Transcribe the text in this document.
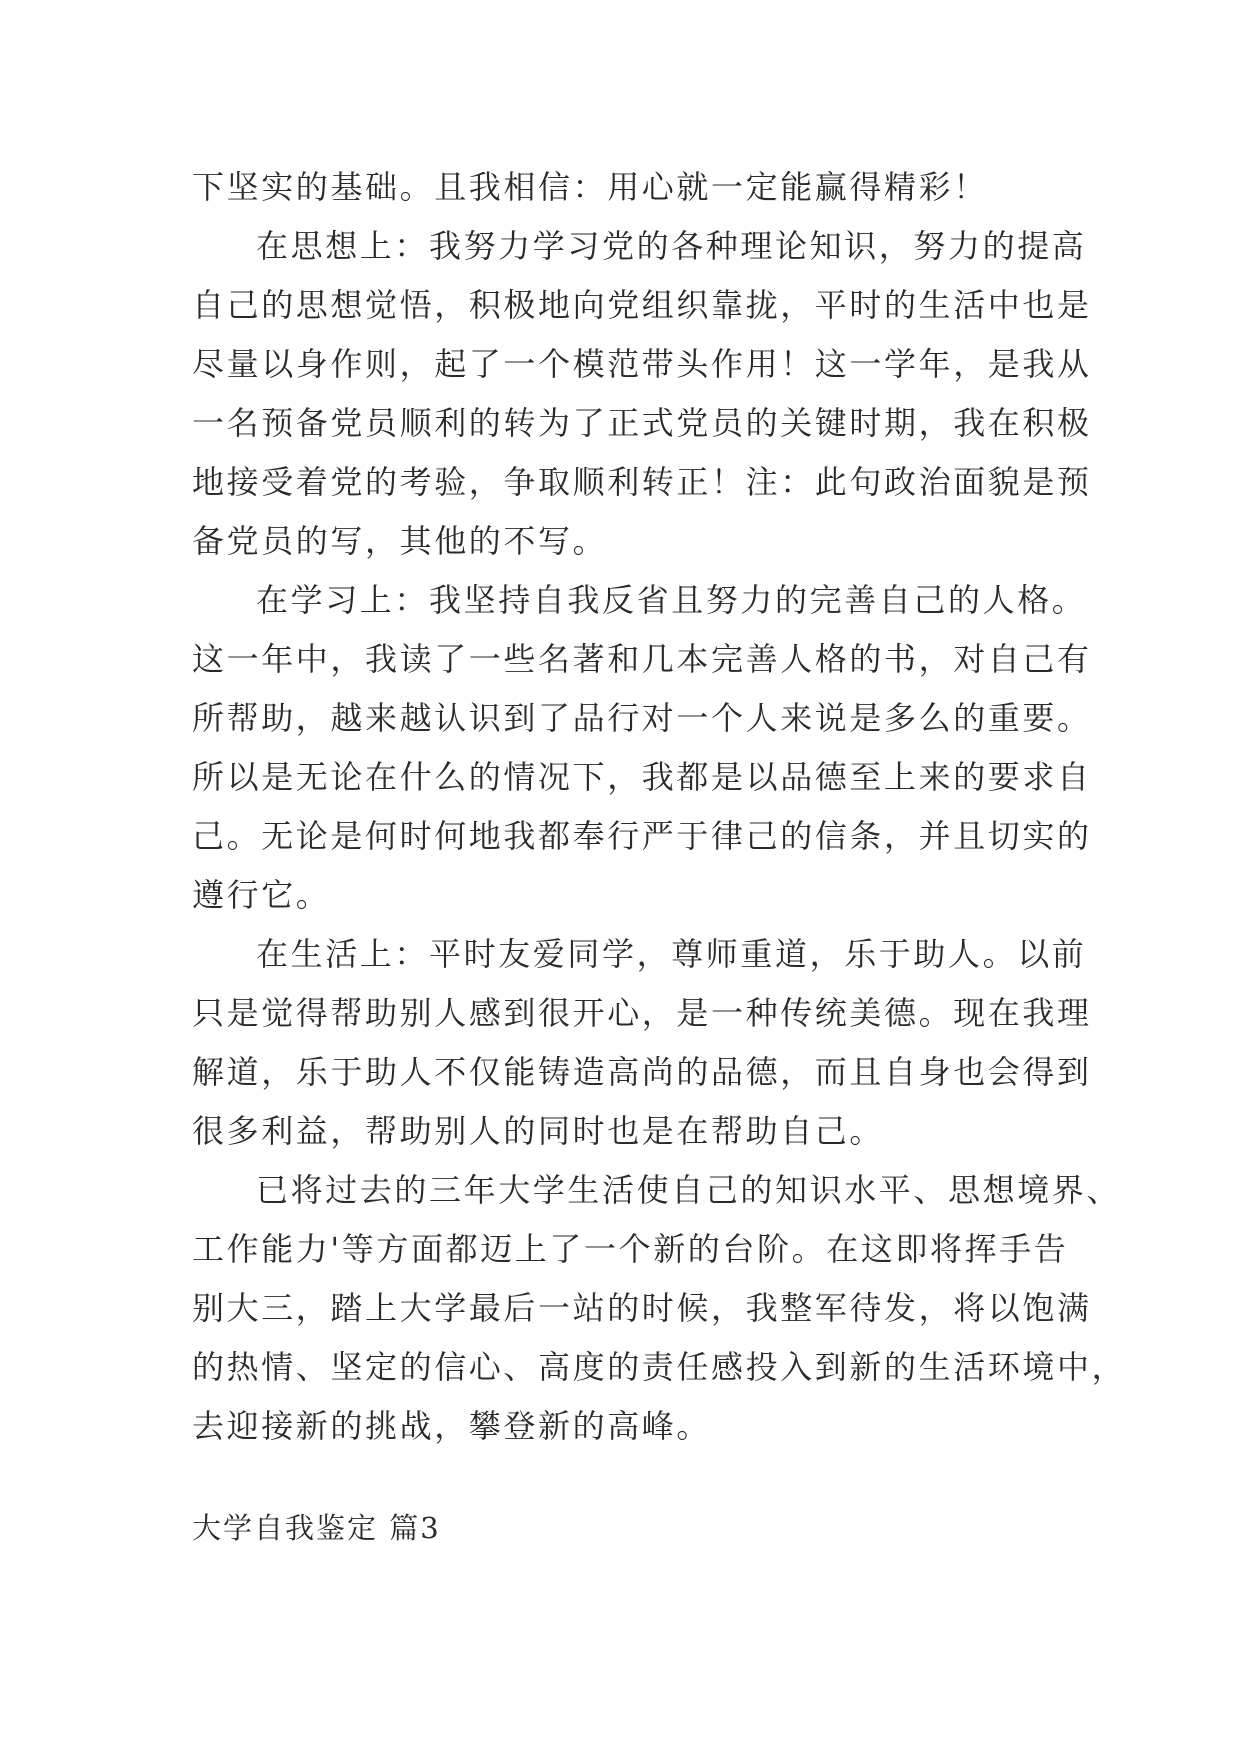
下坚实的基础。且我相信：用心就一定能赢得精彩！
在思想上：我努力学习党的各种理论知识，努力的提高
自己的思想觉悟，积极地向党组织靠拢，平时的生活中也是
尽量以身作则，起了一个模范带头作用！这一学年，是我从
一名预备党员顺利的转为了正式党员的关键时期，我在积极
地接受着党的考验，争取顺利转正！注：此句政治面貌是预
备党员的写，其他的不写。
在学习上：我坚持自我反省且努力的完善自己的人格。
这一年中，我读了一些名著和几本完善人格的书，对自己有
所帮助，越来越认识到了品行对一个人来说是多么的重要。
所以是无论在什么的情况下，我都是以品德至上来的要求自
己。无论是何时何地我都奉行严于律己的信条，并且切实的
遵行它。
在生活上：平时友爱同学，尊师重道，乐于助人。以前
只是觉得帮助别人感到很开心，是一种传统美德。现在我理
解道，乐于助人不仅能铸造高尚的品德，而且自身也会得到
很多利益，帮助别人的同时也是在帮助自己。
已将过去的三年大学生活使自己的知识水平、思想境界、
工作能力'等方面都迈上了一个新的台阶。在这即将挥手告
别大三，踏上大学最后一站的时候，我整军待发，将以饱满
的热情、坚定的信心、高度的责任感投入到新的生活环境中，
去迎接新的挑战，攀登新的高峰。
大学自我鉴定 篇3
